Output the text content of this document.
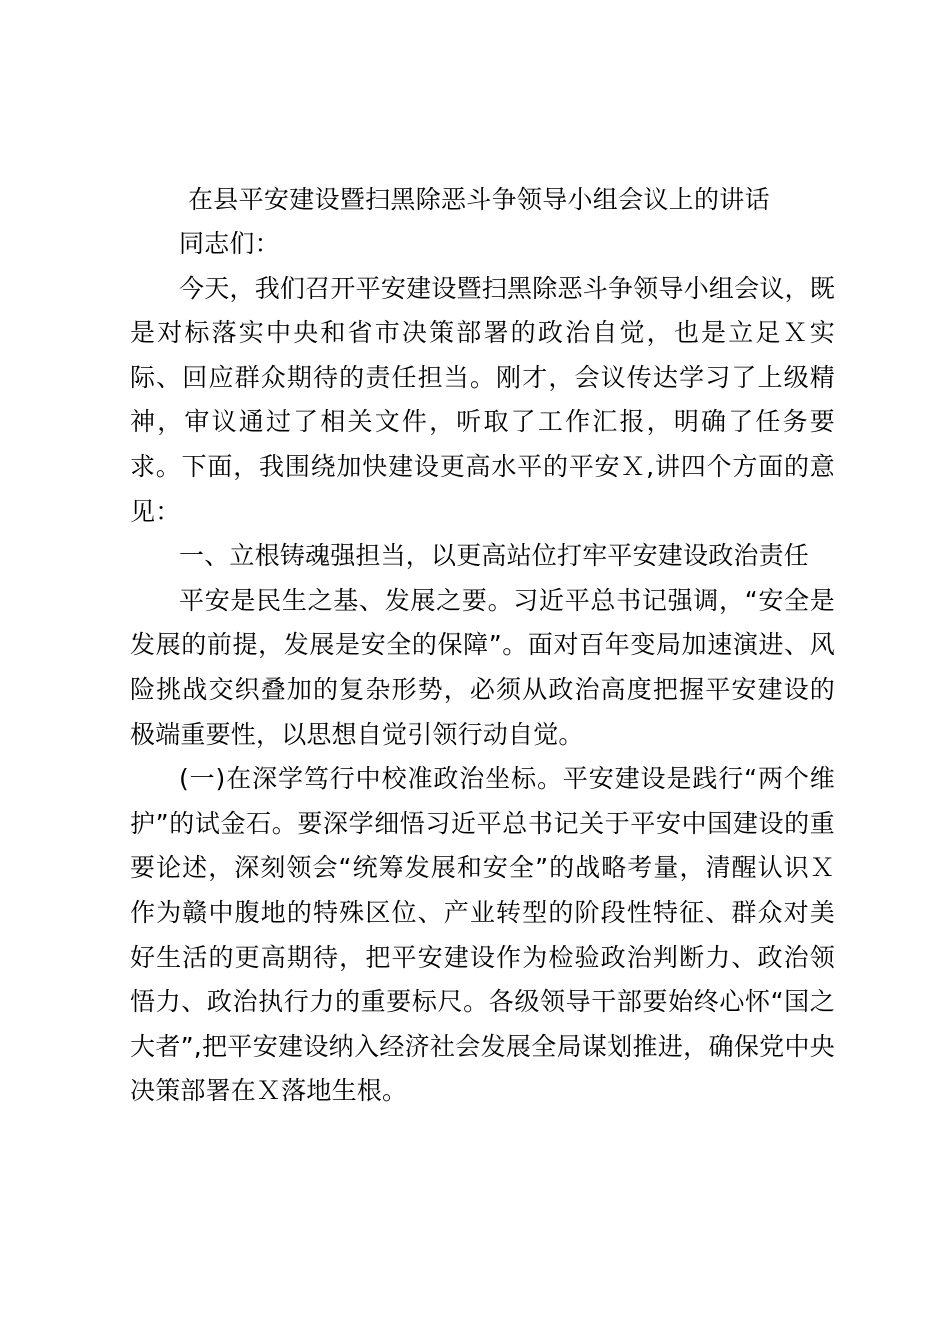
在县平安建设暨扫黑除恶斗争领导小组会议上的讲话

同志们：

今天，我们召开平安建设暨扫黑除恶斗争领导小组会议，既是对标落实中央和省市决策部署的政治自觉，也是立足Ｘ实际、回应群众期待的责任担当。刚才，会议传达学习了上级精神，审议通过了相关文件，听取了工作汇报，明确了任务要求。下面，我围绕加快建设更高水平的平安Ｘ,讲四个方面的意见：

一、立根铸魂强担当，以更高站位打牢平安建设政治责任

平安是民生之基、发展之要。习近平总书记强调，“安全是发展的前提，发展是安全的保障”。面对百年变局加速演进、风险挑战交织叠加的复杂形势，必须从政治高度把握平安建设的极端重要性，以思想自觉引领行动自觉。

(一)在深学笃行中校准政治坐标。平安建设是践行“两个维护”的试金石。要深学细悟习近平总书记关于平安中国建设的重要论述，深刻领会“统筹发展和安全”的战略考量，清醒认识Ｘ作为赣中腹地的特殊区位、产业转型的阶段性特征、群众对美好生活的更高期待，把平安建设作为检验政治判断力、政治领悟力、政治执行力的重要标尺。各级领导干部要始终心怀“国之大者”,把平安建设纳入经济社会发展全局谋划推进，确保党中央决策部署在Ｘ落地生根。
